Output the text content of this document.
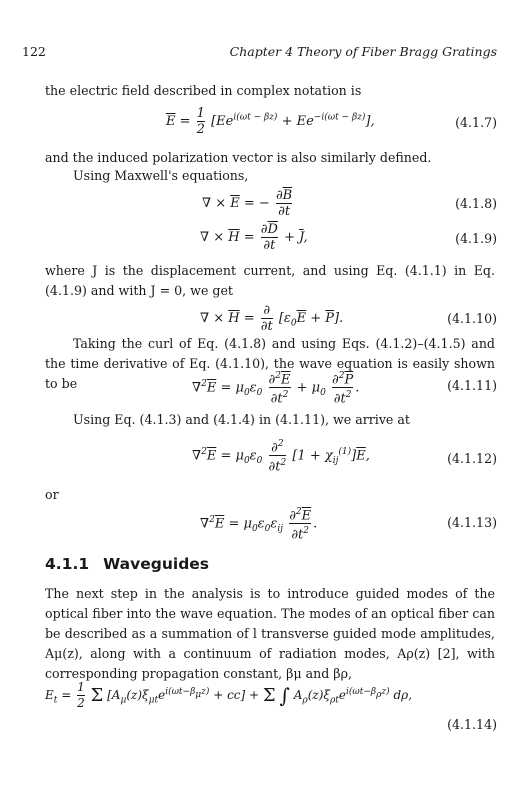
122	Chapter 4 Theory of Fiber Bragg Gratings
the electric field described in complex notation is
$\overline{E} = \frac{1}{2} [Ee^{i(\omega t - \beta z)} + Ee^{-i(\omega t - \beta z)}]$,	(4.1.7)
and the induced polarization vector is also similarly defined.
Using Maxwell's equations,
∇ × $\overline{E}$ = − $\frac{\partial\overline{B}}{\partial t}$	(4.1.8)
∇ × $\overline{H} = \frac{\partial\overline{D}}{\partial t} + \overline{J}$,	(4.1.9)
where J is the displacement current, and using Eq. (4.1.1) in Eq. (4.1.9) and with J = 0, we get
∇ × $\overline{H} = \frac{\partial}{\partial t} [\varepsilon_0\overline{E} + \overline{P}]$.	(4.1.10)
Taking the curl of Eq. (4.1.8) and using Eqs. (4.1.2)–(4.1.5) and the time derivative of Eq. (4.1.10), the wave equation is easily shown to be	$\nabla^2\overline{E} = \mu_0\varepsilon_0 \frac{\partial^2\overline{E}}{\partial t^2} + \mu_0 \frac{\partial^2\overline{P}}{\partial t^2}$ .	(4.1.11)
Using Eq. (4.1.3) and (4.1.4) in (4.1.11), we arrive at
$\nabla^2\overline{E} = \mu_0\varepsilon_0 \frac{\partial^2}{\partial t^2} [1 + \chi_{ij}^{(1)}]\overline{E}$,	(4.1.12)
or
$\nabla^2\overline{E} = \mu_0\varepsilon_0\varepsilon_{ij} \frac{\partial^2\overline{E}}{\partial t^2}$ .	(4.1.13)
4.1.1 Waveguides
The next step in the analysis is to introduce guided modes of the optical fiber into the wave equation. The modes of an optical fiber can be described as a summation of l transverse guided mode amplitudes, Aμ(z), along with a continuum of radiation modes, Aρ(z) [2], with corresponding propagation constant, βμ and βρ,
$E_t = \frac{1}{2}$ Σ $[A_\mu(z)\xi_{\mu t}e^{i(\omega t-\beta_\mu z)} + cc] + \Sigma$ ∫ $A_\rho(z)\xi_{\rho t}e^{i(\omega t-\beta_\rho z)}$ dρ,
(4.1.14)
